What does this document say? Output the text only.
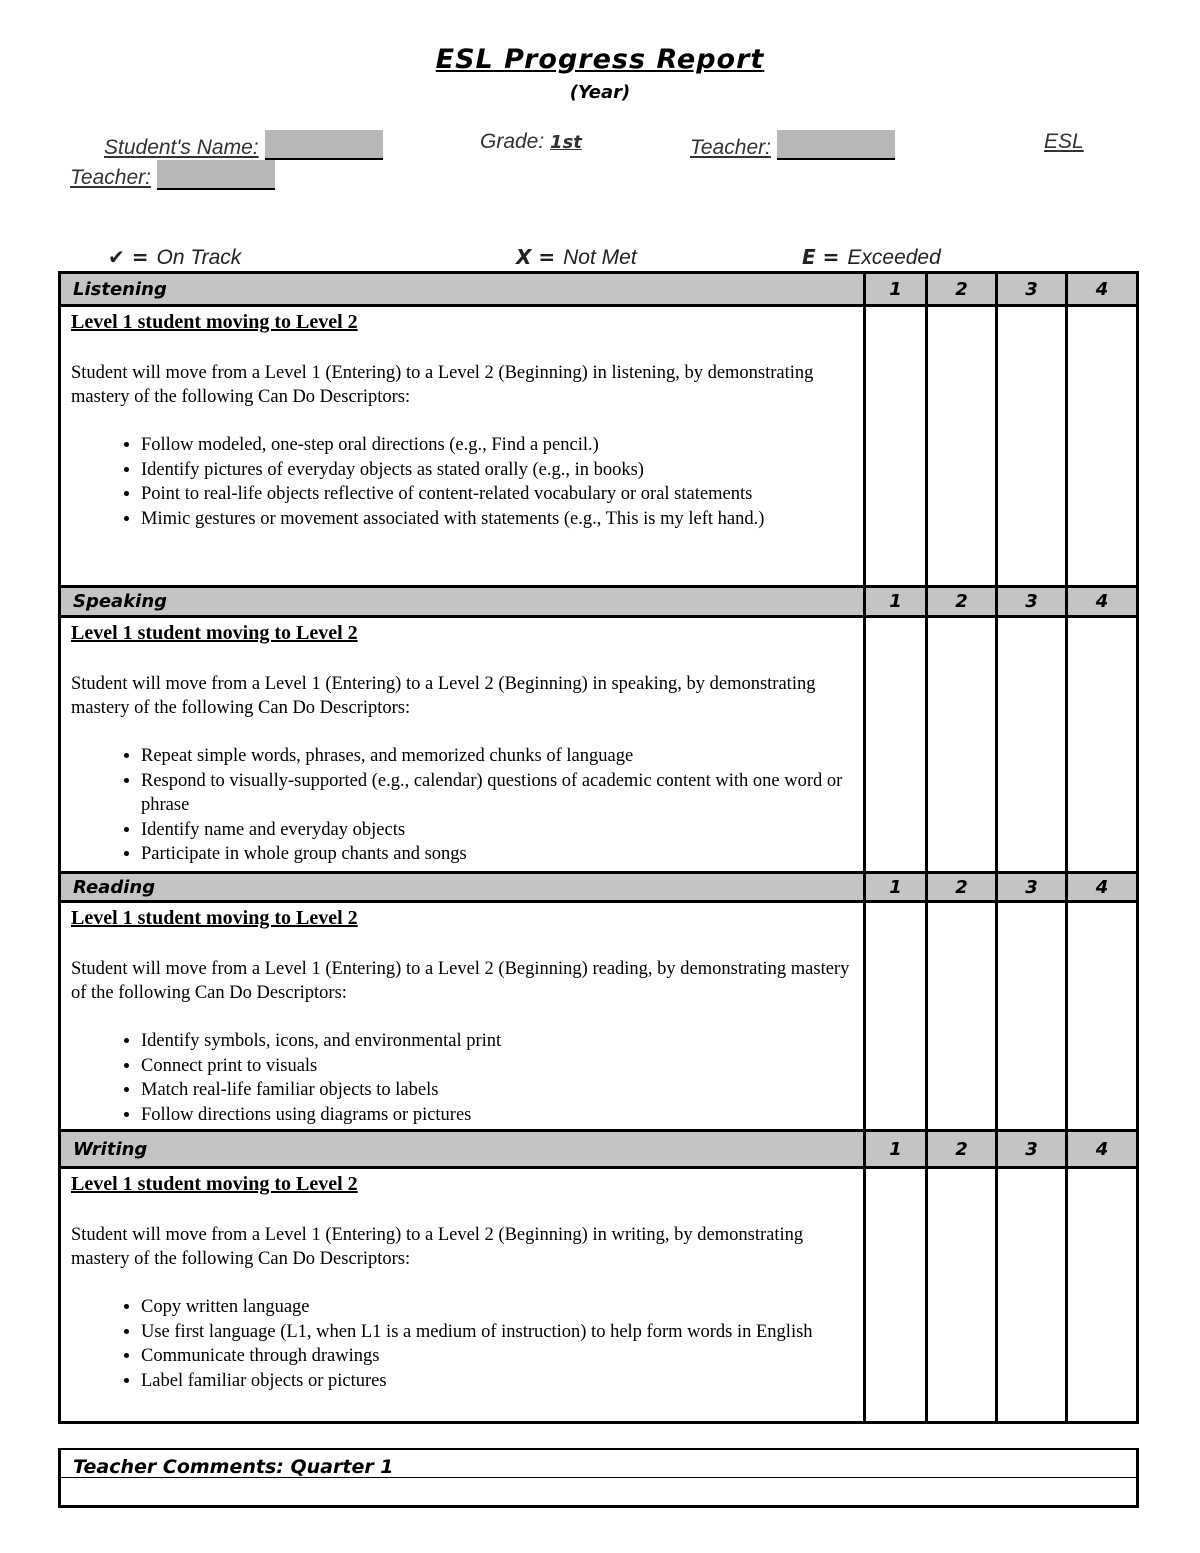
ESL Progress Report
(Year)
Student's Name:	Grade: 1st	Teacher:	ESL
Teacher:
✔ = On Track	X = Not Met	E = Exceeded
Listening	1	2	3	4
Level 1 student moving to Level 2
Student will move from a Level 1 (Entering) to a Level 2 (Beginning) in listening, by demonstrating mastery of the following Can Do Descriptors:
• Follow modeled, one-step oral directions (e.g., Find a pencil.)
• Identify pictures of everyday objects as stated orally (e.g., in books)
• Point to real-life objects reflective of content-related vocabulary or oral statements
• Mimic gestures or movement associated with statements (e.g., This is my left hand.)
Speaking	1	2	3	4
Level 1 student moving to Level 2
Student will move from a Level 1 (Entering) to a Level 2 (Beginning) in speaking, by demonstrating mastery of the following Can Do Descriptors:
• Repeat simple words, phrases, and memorized chunks of language
• Respond to visually-supported (e.g., calendar) questions of academic content with one word or phrase
• Identify name and everyday objects
• Participate in whole group chants and songs
Reading	1	2	3	4
Level 1 student moving to Level 2
Student will move from a Level 1 (Entering) to a Level 2 (Beginning) reading, by demonstrating mastery of the following Can Do Descriptors:
• Identify symbols, icons, and environmental print
• Connect print to visuals
• Match real-life familiar objects to labels
• Follow directions using diagrams or pictures
Writing	1	2	3	4
Level 1 student moving to Level 2
Student will move from a Level 1 (Entering) to a Level 2 (Beginning) in writing, by demonstrating mastery of the following Can Do Descriptors:
• Copy written language
• Use first language (L1, when L1 is a medium of instruction) to help form words in English
• Communicate through drawings
• Label familiar objects or pictures
Teacher Comments: Quarter 1
